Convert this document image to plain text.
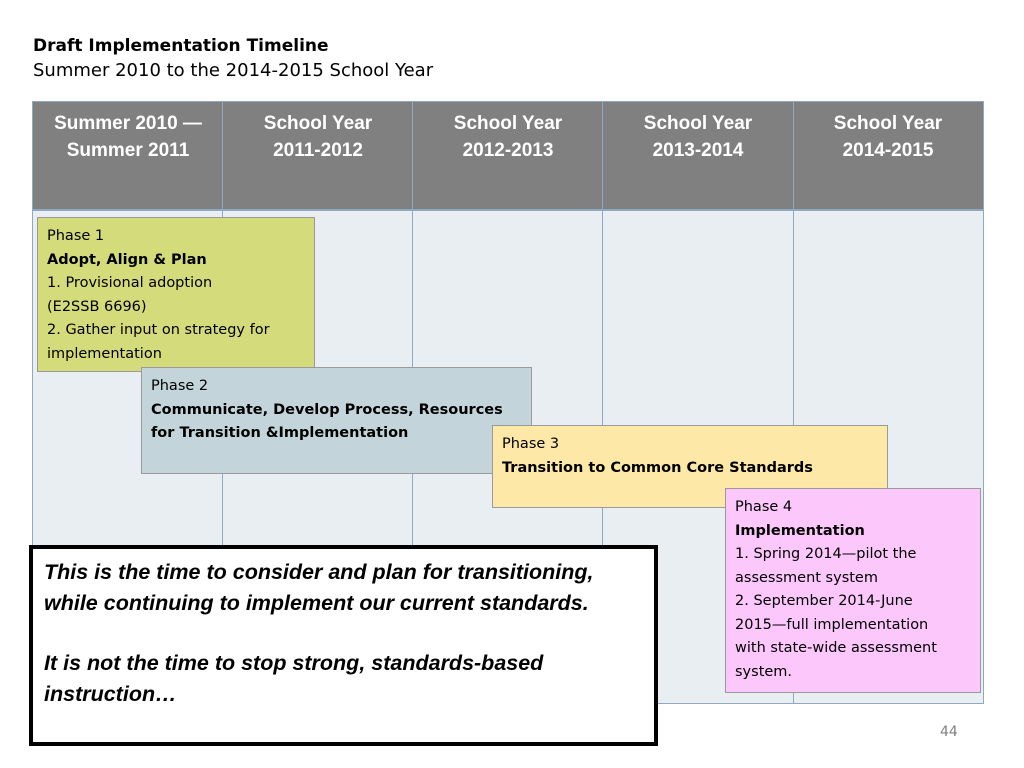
Draft Implementation Timeline
Summer 2010 to the 2014-2015 School Year
Summer 2010 — Summer 2011
School Year 2011-2012
School Year 2012-2013
School Year 2013-2014
School Year 2014-2015
Phase 1
Adopt, Align & Plan
1. Provisional adoption
(E2SSB 6696)
2. Gather input on strategy for
implementation
Phase 2
Communicate, Develop Process, Resources for Transition &Implementation
Phase 3
Transition to Common Core Standards
Phase 4
Implementation
1. Spring 2014—pilot the
assessment system
2. September 2014-June
2015—full implementation
with state-wide assessment
system.

This is the time to consider and plan for transitioning, while continuing to implement our current standards.

It is not the time to stop strong, standards-based instruction…

44
